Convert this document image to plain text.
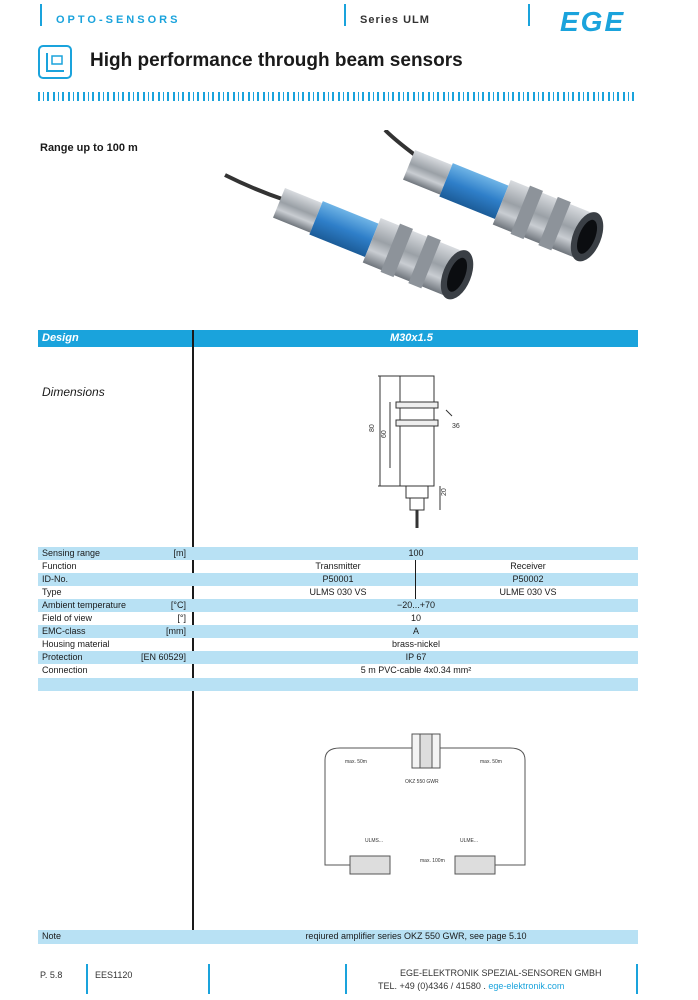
OPTO-SENSORS	Series ULM	EGE
High performance through beam sensors
Range up to 100 m
Design	M30x1.5
Dimensions
80
60
36
20
Sensing range	[m]	100
Function	Transmitter	Receiver
ID-No.	P50001	P50002
Type	ULMS 030 VS	ULME 030 VS
Ambient temperature	[°C]	−20...+70
Field of view	[°]	10
EMC-class	[mm]	A
Housing material	brass-nickel
Protection	[EN 60529]	IP 67
Connection	5 m PVC-cable 4x0.34 mm²
max. 50m	max. 50m
OKZ 550 GWR
ULMS...	ULME...
max. 100m
Note	reqiured amplifier series OKZ 550 GWR, see page 5.10
P. 5.8	EES1120	EGE-ELEKTRONIK SPEZIAL-SENSOREN GMBH
TEL. +49 (0)4346 / 41580 . ege-elektronik.com
